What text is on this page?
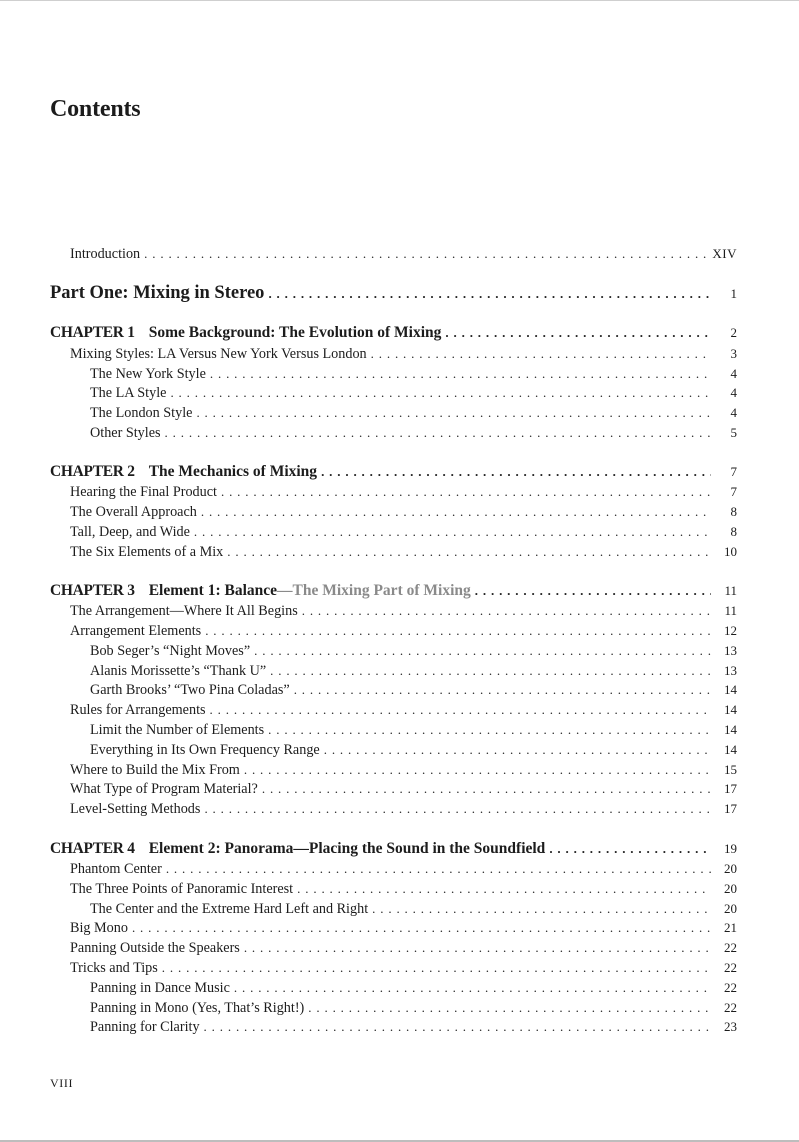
Contents
Introduction . . .	XIV
Part One: Mixing in Stereo . . .	1
CHAPTER 1 Some Background: The Evolution of Mixing . . .	2
Mixing Styles: LA Versus New York Versus London . . .	3
The New York Style . . .	4
The LA Style . . .	4
The London Style . . .	4
Other Styles . . .	5
CHAPTER 2 The Mechanics of Mixing . . .	7
Hearing the Final Product . . .	7
The Overall Approach . . .	8
Tall, Deep, and Wide . . .	8
The Six Elements of a Mix . . .	10
CHAPTER 3 Element 1: Balance—The Mixing Part of Mixing . . .	11
The Arrangement—Where It All Begins . . .	11
Arrangement Elements . . .	12
Bob Seger’s “Night Moves” . . .	13
Alanis Morissette’s “Thank U” . . .	13
Garth Brooks’ “Two Pina Coladas” . . .	14
Rules for Arrangements . . .	14
Limit the Number of Elements . . .	14
Everything in Its Own Frequency Range . . .	14
Where to Build the Mix From . . .	15
What Type of Program Material? . . .	17
Level-Setting Methods . . .	17
CHAPTER 4 Element 2: Panorama—Placing the Sound in the Soundfield . . .	19
Phantom Center . . .	20
The Three Points of Panoramic Interest . . .	20
The Center and the Extreme Hard Left and Right . . .	20
Big Mono . . .	21
Panning Outside the Speakers . . .	22
Tricks and Tips . . .	22
Panning in Dance Music . . .	22
Panning in Mono (Yes, That’s Right!) . . .	22
Panning for Clarity . . .	23
VIII
